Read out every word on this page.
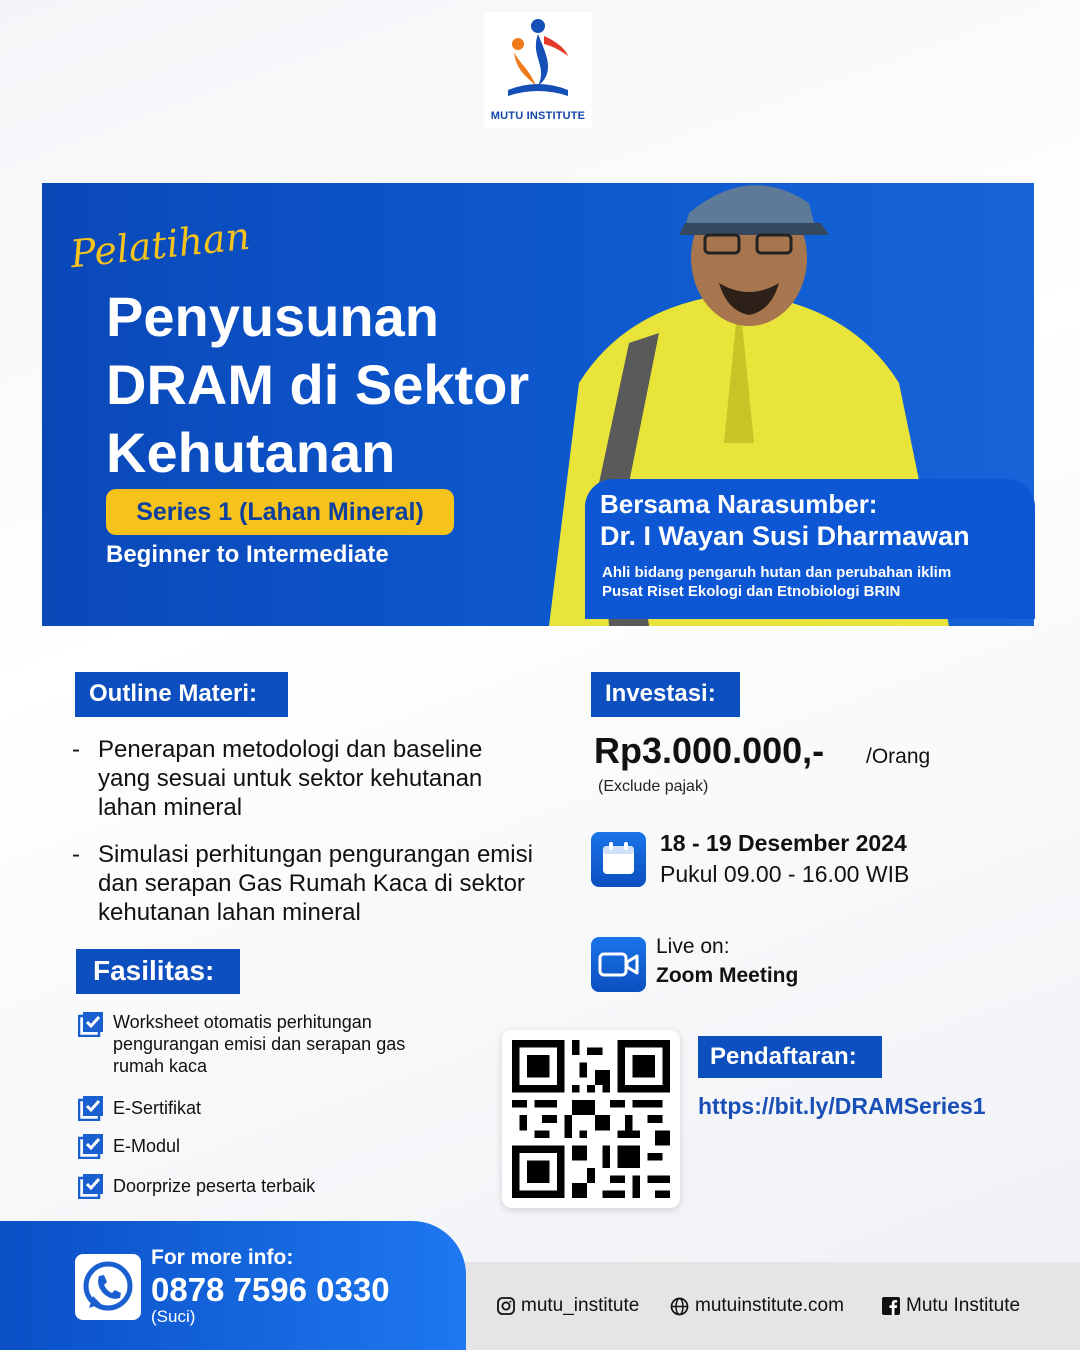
MUTU INSTITUTE
Pelatihan
Penyusunan
DRAM di Sektor
Kehutanan
Series 1 (Lahan Mineral)
Beginner to Intermediate
Bersama Narasumber:
Dr. I Wayan Susi Dharmawan
Ahli bidang pengaruh hutan dan perubahan iklim
Pusat Riset Ekologi dan Etnobiologi BRIN
Outline Materi:
- Penerapan metodologi dan baseline yang sesuai untuk sektor kehutanan lahan mineral
- Simulasi perhitungan pengurangan emisi dan serapan Gas Rumah Kaca di sektor kehutanan lahan mineral
Investasi:
Rp3.000.000,- /Orang
(Exclude pajak)
18 - 19 Desember 2024
Pukul 09.00 - 16.00 WIB
Live on:
Zoom Meeting
Fasilitas:
Worksheet otomatis perhitungan pengurangan emisi dan serapan gas rumah kaca
E-Sertifikat
E-Modul
Doorprize peserta terbaik
Pendaftaran:
https://bit.ly/DRAMSeries1
For more info:
0878 7596 0330
(Suci)
mutu_institute	mutuinstitute.com	Mutu Institute
